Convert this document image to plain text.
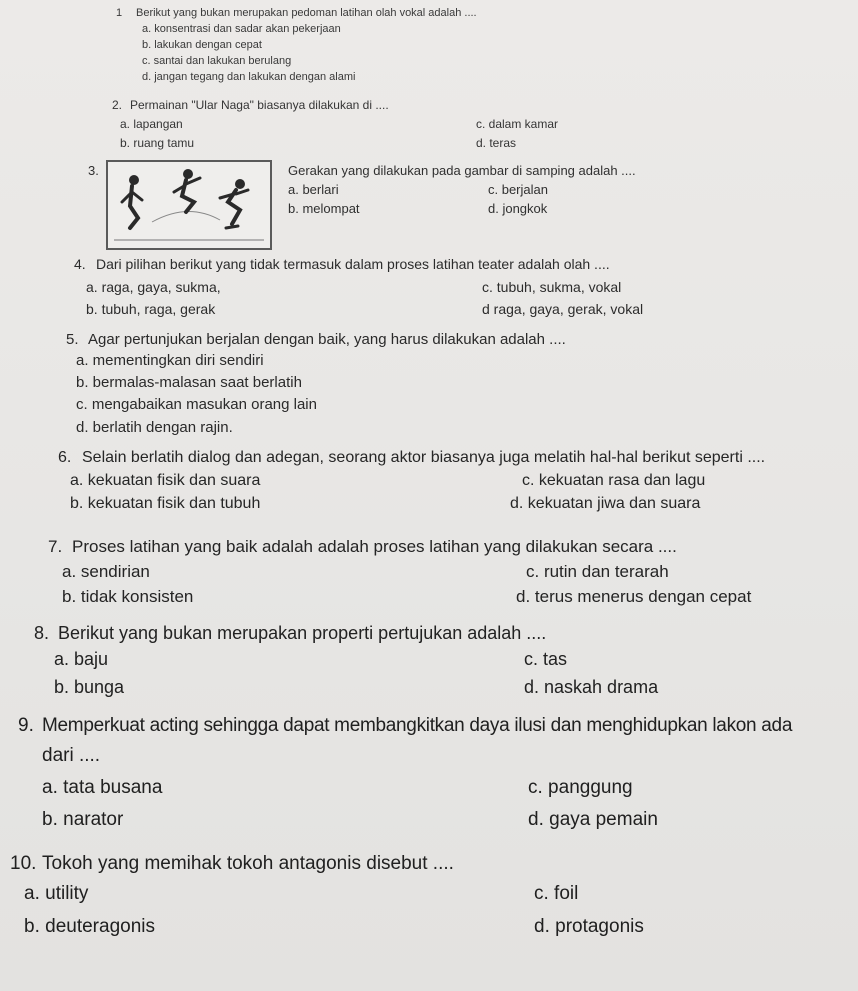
1 Berikut yang bukan merupakan pedoman latihan olah vokal adalah ....
a. konsentrasi dan sadar akan pekerjaan
b. lakukan dengan cepat
c. santai dan lakukan berulang
d. jangan tegang dan lakukan dengan alami
2. Permainan "Ular Naga" biasanya dilakukan di ....
a. lapangan
b. ruang tamu
c. dalam kamar
d. teras
3.	Gerakan yang dilakukan pada gambar di samping adalah ....
a. berlari
b. melompat
c. berjalan
d. jongkok
4. Dari pilihan berikut yang tidak termasuk dalam proses latihan teater adalah olah ....
a. raga, gaya, sukma,
b. tubuh, raga, gerak
c. tubuh, sukma, vokal
d raga, gaya, gerak, vokal
5. Agar pertunjukan berjalan dengan baik, yang harus dilakukan adalah ....
a. mementingkan diri sendiri
b. bermalas-malasan saat berlatih
c. mengabaikan masukan orang lain
d. berlatih dengan rajin.
6. Selain berlatih dialog dan adegan, seorang aktor biasanya juga melatih hal-hal berikut seperti ....
a. kekuatan fisik dan suara
b. kekuatan fisik dan tubuh
c. kekuatan rasa dan lagu
d. kekuatan jiwa dan suara
7. Proses latihan yang baik adalah adalah proses latihan yang dilakukan secara ....
a. sendirian
b. tidak konsisten
c. rutin dan terarah
d. terus menerus dengan cepat
8. Berikut yang bukan merupakan properti pertujukan adalah ....
a. baju
b. bunga
c. tas
d. naskah drama
9. Memperkuat acting sehingga dapat membangkitkan daya ilusi dan menghidupkan lakon ada
dari ....
a. tata busana
b. narator
c. panggung
d. gaya pemain
10. Tokoh yang memihak tokoh antagonis disebut ....
a. utility
b. deuteragonis
c. foil
d. protagonis
